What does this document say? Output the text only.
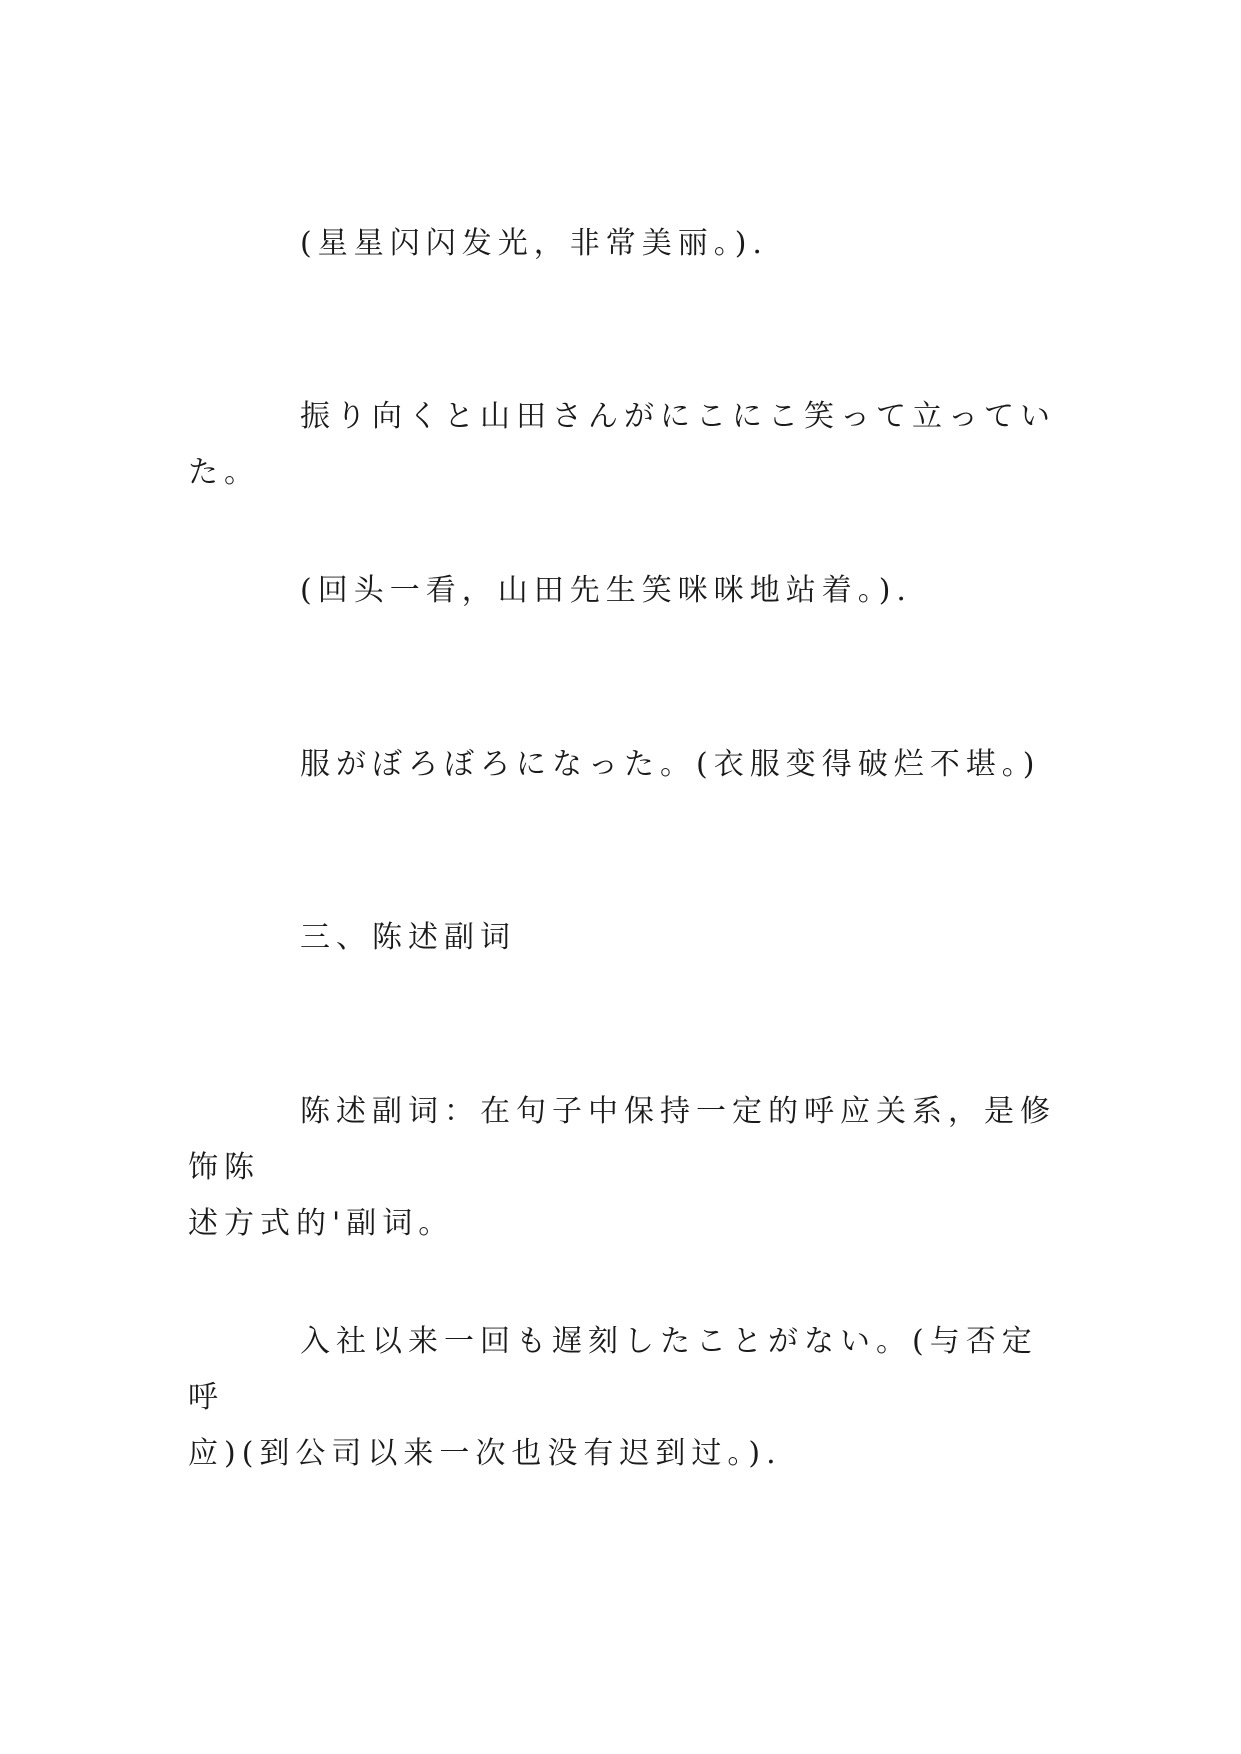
(星星闪闪发光，非常美丽。).
振り向くと山田さんがにこにこ笑って立っていた。
(回头一看，山田先生笑咪咪地站着。).
服がぼろぼろになった。(衣服变得破烂不堪。)
三、陈述副词
陈述副词：在句子中保持一定的呼应关系，是修饰陈
述方式的'副词。
入社以来一回も遅刻したことがない。(与否定呼
应)(到公司以来一次也没有迟到过。).
